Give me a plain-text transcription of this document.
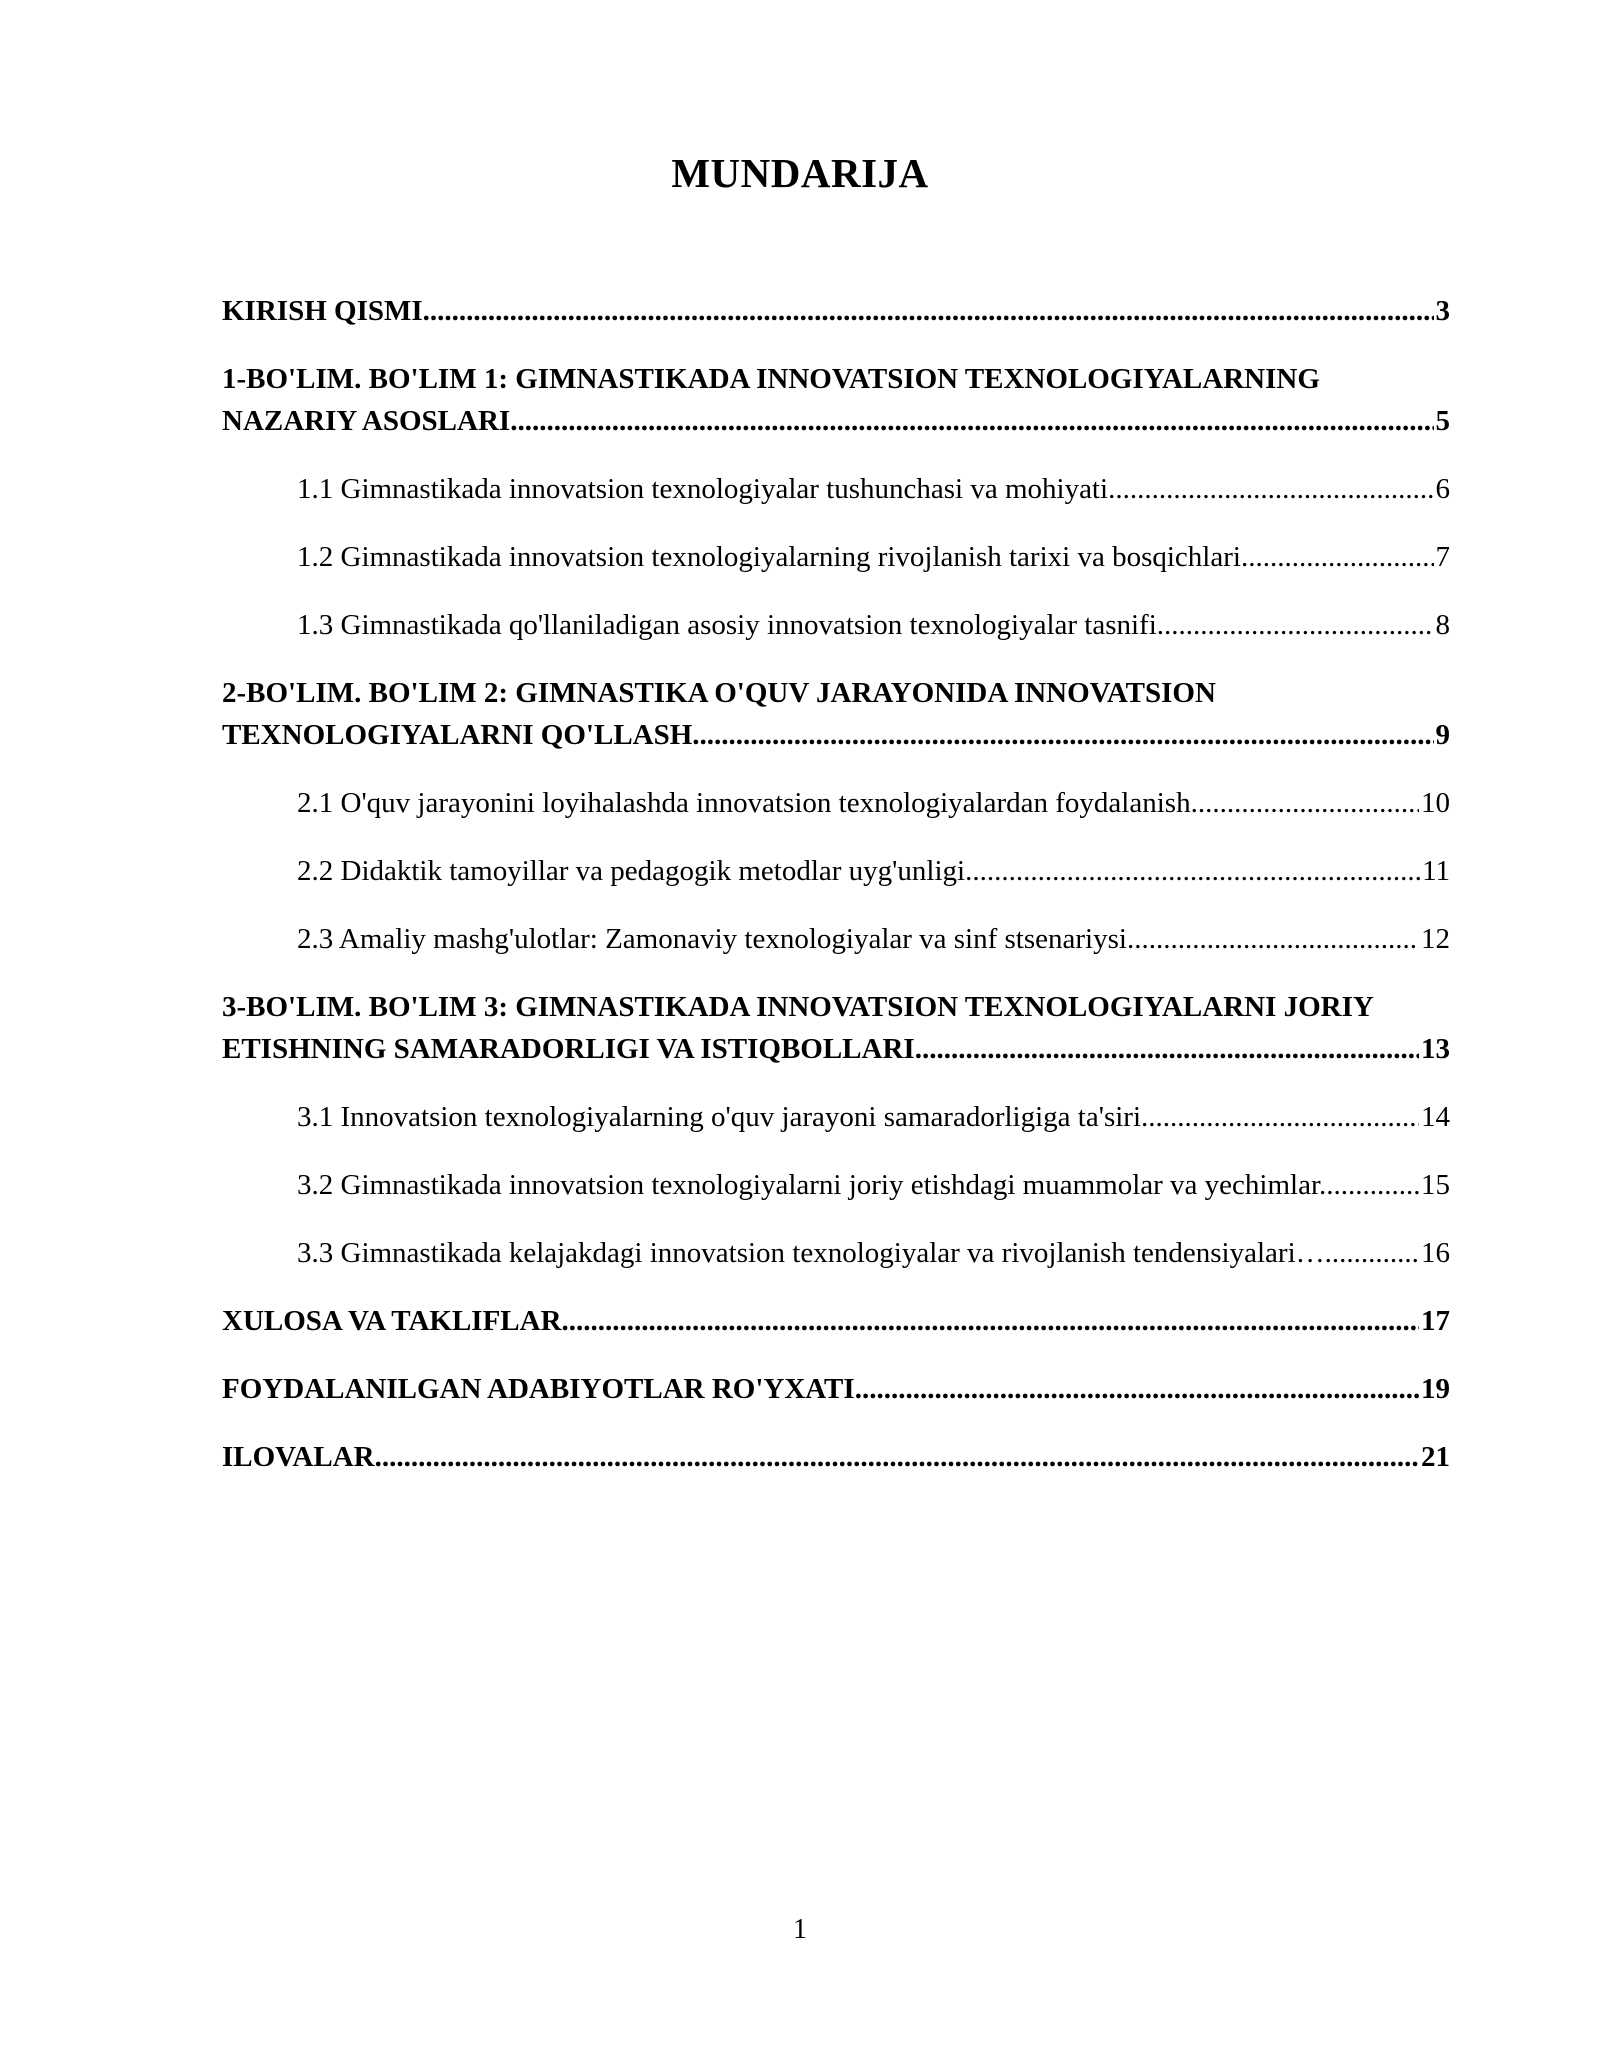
MUNDARIJA
KIRISH QISMI .....	3
1-BO'LIM. BO'LIM 1: GIMNASTIKADA INNOVATSION TEXNOLOGIYALARNING
NAZARIY ASOSLARI .....	5
1.1 Gimnastikada innovatsion texnologiyalar tushunchasi va mohiyati .....	6
1.2 Gimnastikada innovatsion texnologiyalarning rivojlanish tarixi va bosqichlari .....	7
1.3 Gimnastikada qo'llaniladigan asosiy innovatsion texnologiyalar tasnifi .....	8
2-BO'LIM. BO'LIM 2: GIMNASTIKA O'QUV JARAYONIDA INNOVATSION
TEXNOLOGIYALARNI QO'LLASH .....	9
2.1 O'quv jarayonini loyihalashda innovatsion texnologiyalardan foydalanish .....	10
2.2 Didaktik tamoyillar va pedagogik metodlar uyg'unligi .....	11
2.3 Amaliy mashg'ulotlar: Zamonaviy texnologiyalar va sinf stsenariysi .....	12
3-BO'LIM. BO'LIM 3: GIMNASTIKADA INNOVATSION TEXNOLOGIYALARNI JORIY
ETISHNING SAMARADORLIGI VA ISTIQBOLLARI .....	13
3.1 Innovatsion texnologiyalarning o'quv jarayoni samaradorligiga ta'siri .....	14
3.2 Gimnastikada innovatsion texnologiyalarni joriy etishdagi muammolar va yechimlar. .....	15
3.3 Gimnastikada kelajakdagi innovatsion texnologiyalar va rivojlanish tendensiyalari… .....	16
XULOSA VA TAKLIFLAR .....	17
FOYDALANILGAN ADABIYOTLAR RO'YXATI .....	19
ILOVALAR .....	21
1
